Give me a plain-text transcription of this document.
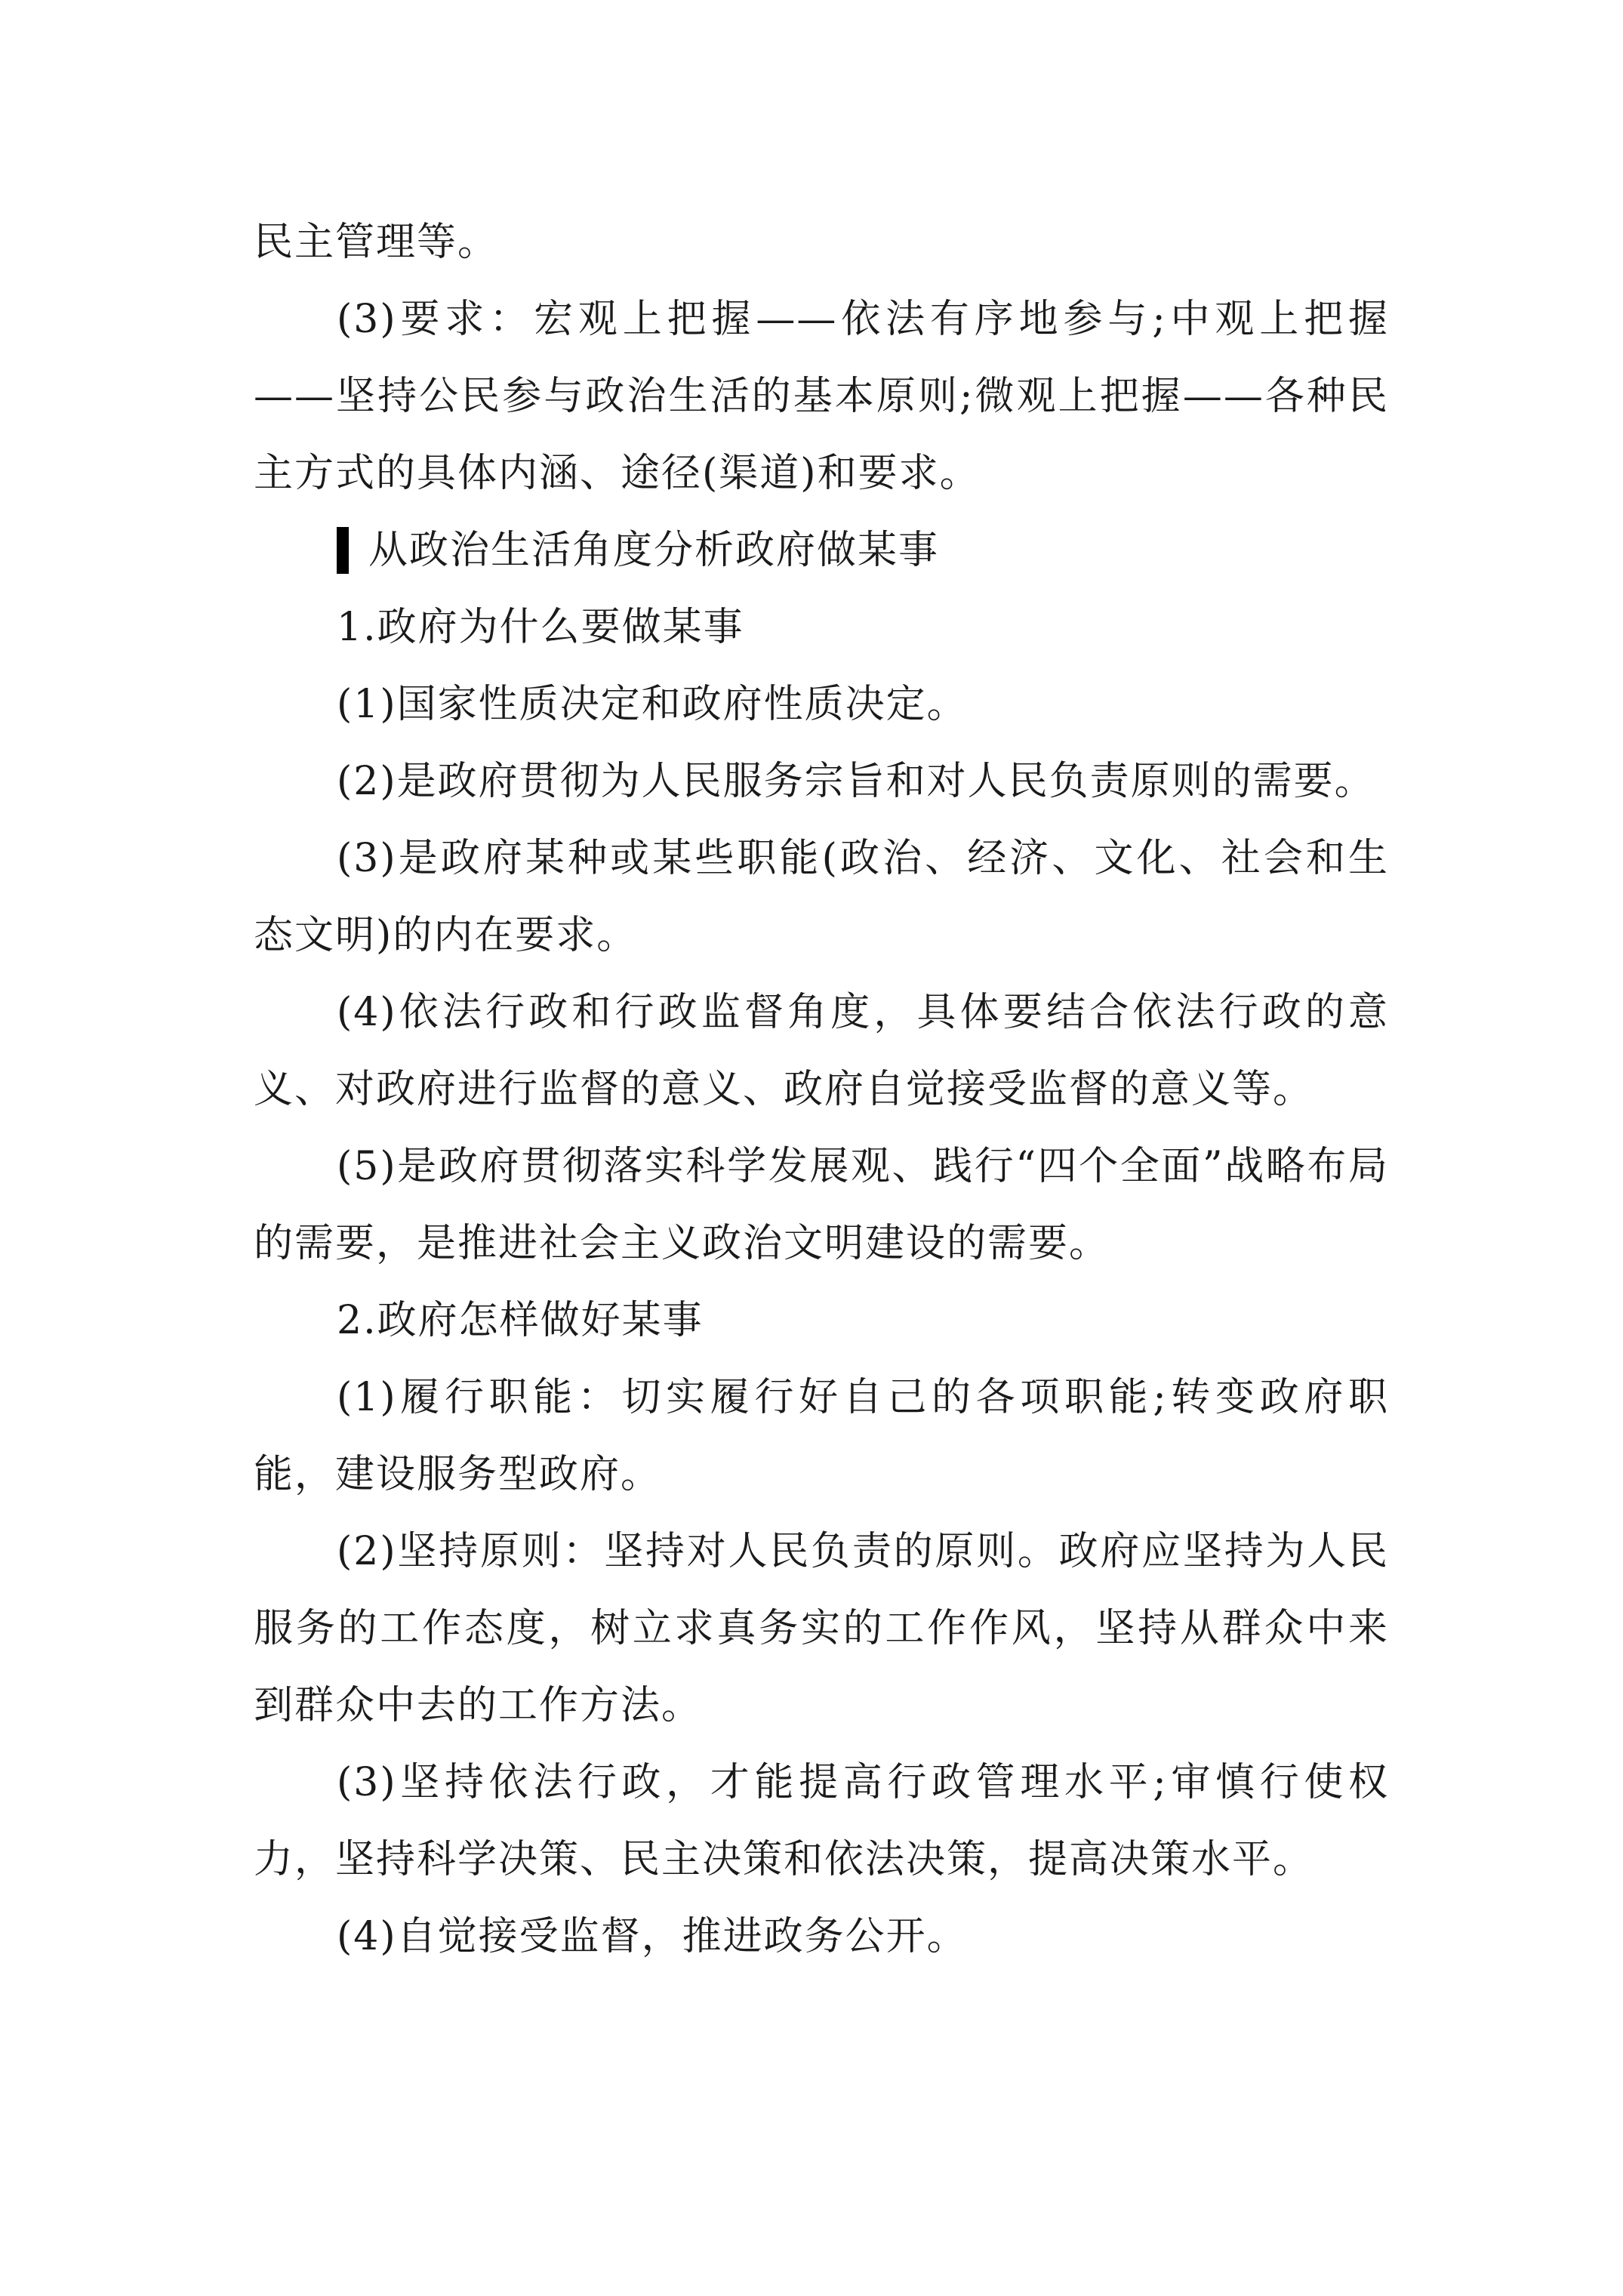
民主管理等。

(3)要求：宏观上把握——依法有序地参与;中观上把握——坚持公民参与政治生活的基本原则;微观上把握——各种民主方式的具体内涵、途径(渠道)和要求。

从政治生活角度分析政府做某事

1.政府为什么要做某事

(1)国家性质决定和政府性质决定。

(2)是政府贯彻为人民服务宗旨和对人民负责原则的需要。

(3)是政府某种或某些职能(政治、经济、文化、社会和生态文明)的内在要求。

(4)依法行政和行政监督角度，具体要结合依法行政的意义、对政府进行监督的意义、政府自觉接受监督的意义等。

(5)是政府贯彻落实科学发展观、践行“四个全面”战略布局的需要，是推进社会主义政治文明建设的需要。

2.政府怎样做好某事

(1)履行职能：切实履行好自己的各项职能;转变政府职能，建设服务型政府。

(2)坚持原则：坚持对人民负责的原则。政府应坚持为人民服务的工作态度，树立求真务实的工作作风，坚持从群众中来到群众中去的工作方法。

(3)坚持依法行政，才能提高行政管理水平;审慎行使权力，坚持科学决策、民主决策和依法决策，提高决策水平。

(4)自觉接受监督，推进政务公开。
